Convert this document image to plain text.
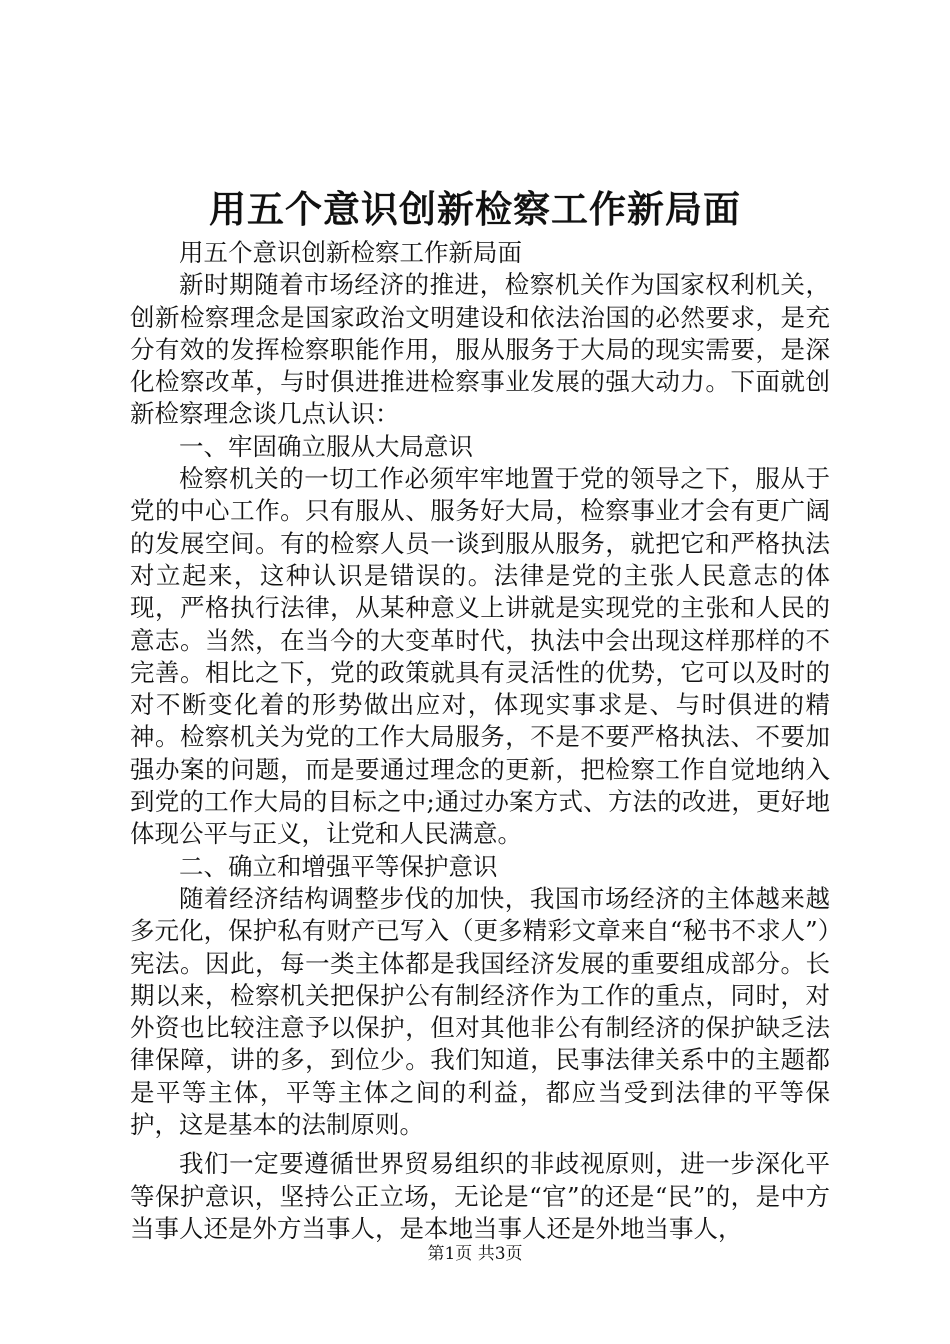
用五个意识创新检察工作新局面

用五个意识创新检察工作新局面

新时期随着市场经济的推进，检察机关作为国家权利机关，创新检察理念是国家政治文明建设和依法治国的必然要求，是充分有效的发挥检察职能作用，服从服务于大局的现实需要，是深化检察改革，与时俱进推进检察事业发展的强大动力。下面就创新检察理念谈几点认识：

一、牢固确立服从大局意识

检察机关的一切工作必须牢牢地置于党的领导之下，服从于党的中心工作。只有服从、服务好大局，检察事业才会有更广阔的发展空间。有的检察人员一谈到服从服务，就把它和严格执法对立起来，这种认识是错误的。法律是党的主张人民意志的体现，严格执行法律，从某种意义上讲就是实现党的主张和人民的意志。当然，在当今的大变革时代，执法中会出现这样那样的不完善。相比之下，党的政策就具有灵活性的优势，它可以及时的对不断变化着的形势做出应对，体现实事求是、与时俱进的精神。检察机关为党的工作大局服务，不是不要严格执法、不要加强办案的问题，而是要通过理念的更新，把检察工作自觉地纳入到党的工作大局的目标之中;通过办案方式、方法的改进，更好地体现公平与正义，让党和人民满意。

二、确立和增强平等保护意识

随着经济结构调整步伐的加快，我国市场经济的主体越来越多元化，保护私有财产已写入（更多精彩文章来自“秘书不求人”）宪法。因此，每一类主体都是我国经济发展的重要组成部分。长期以来，检察机关把保护公有制经济作为工作的重点，同时，对外资也比较注意予以保护，但对其他非公有制经济的保护缺乏法律保障，讲的多，到位少。我们知道，民事法律关系中的主题都是平等主体，平等主体之间的利益，都应当受到法律的平等保护，这是基本的法制原则。

我们一定要遵循世界贸易组织的非歧视原则，进一步深化平等保护意识，坚持公正立场，无论是“官”的还是“民”的，是中方当事人还是外方当事人，是本地当事人还是外地当事人，

第1页 共3页
